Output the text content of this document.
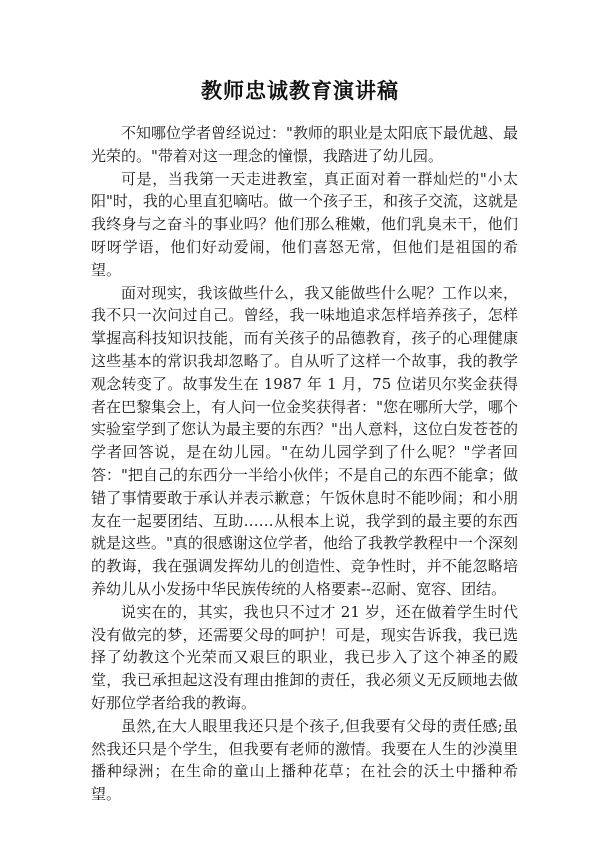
教师忠诚教育演讲稿

不知哪位学者曾经说过："教师的职业是太阳底下最优越、最光荣的。"带着对这一理念的憧憬，我踏进了幼儿园。

可是，当我第一天走进教室，真正面对着一群灿烂的"小太阳"时，我的心里直犯嘀咕。做一个孩子王，和孩子交流，这就是我终身与之奋斗的事业吗？他们那么稚嫩，他们乳臭未干，他们呀呀学语，他们好动爱闹，他们喜怒无常，但他们是祖国的希望。

面对现实，我该做些什么，我又能做些什么呢？工作以来，我不只一次问过自己。曾经，我一味地追求怎样培养孩子，怎样掌握高科技知识技能，而有关孩子的品德教育，孩子的心理健康这些基本的常识我却忽略了。自从听了这样一个故事，我的教学观念转变了。故事发生在 1987 年 1 月，75 位诺贝尔奖金获得者在巴黎集会上，有人问一位金奖获得者："您在哪所大学，哪个实验室学到了您认为最主要的东西？"出人意料，这位白发苍苍的学者回答说，是在幼儿园。"在幼儿园学到了什么呢？"学者回答："把自己的东西分一半给小伙伴；不是自己的东西不能拿；做错了事情要敢于承认并表示歉意；午饭休息时不能吵闹；和小朋友在一起要团结、互助……从根本上说，我学到的最主要的东西就是这些。"真的很感谢这位学者，他给了我教学教程中一个深刻的教诲，我在强调发挥幼儿的创造性、竞争性时，并不能忽略培养幼儿从小发扬中华民族传统的人格要素--忍耐、宽容、团结。

说实在的，其实，我也只不过才 21 岁，还在做着学生时代没有做完的梦，还需要父母的呵护！可是，现实告诉我，我已选择了幼教这个光荣而又艰巨的职业，我已步入了这个神圣的殿堂，我已承担起这没有理由推卸的责任，我必须义无反顾地去做好那位学者给我的教诲。

虽然,在大人眼里我还只是个孩子,但我要有父母的责任感;虽然我还只是个学生，但我要有老师的激情。我要在人生的沙漠里播种绿洲；在生命的童山上播种花草；在社会的沃土中播种希望。
